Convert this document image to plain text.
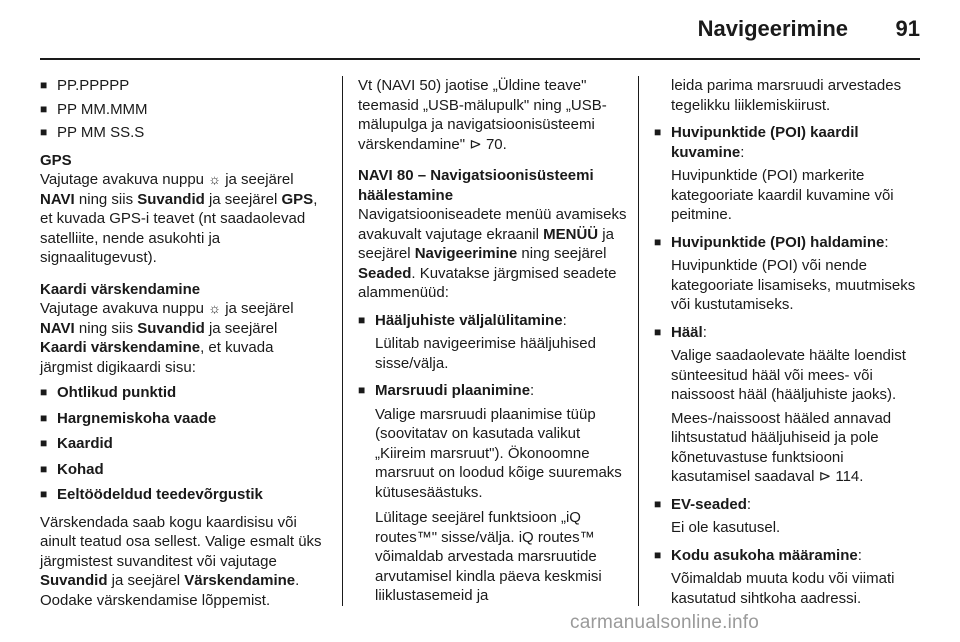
Navigeerimine 91
■ PP.PPPPP
■ PP MM.MMM
■ PP MM SS.S

GPS

Vajutage avakuva nuppu ☼ ja seejärel NAVI ning siis Suvandid ja seejärel GPS, et kuvada GPS-i teavet (nt saadaolevad satelliite, nende asukohti ja signaalitugevust).

Kaardi värskendamine

Vajutage avakuva nuppu ☼ ja seejärel NAVI ning siis Suvandid ja seejärel Kaardi värskendamine, et kuvada järgmist digikaardi sisu:

■ Ohtlikud punktid
■ Hargnemiskoha vaade
■ Kaardid
■ Kohad
■ Eeltöödeldud teedevõrgustik

Värskendada saab kogu kaardisisu või ainult teatud osa sellest. Valige esmalt üks järgmistest suvanditest või vajutage Suvandid ja seejärel Värskendamine. Oodake värskendamise lõppemist.

Vt (NAVI 50) jaotise „Üldine teave" teemasid „USB-mälupulk" ning „USB-mälupulga ja navigatsioonisüsteemi värskendamine" ⊳ 70.

NAVI 80 – Navigatsioonisüsteemi häälestamine

Navigatsiooniseadete menüü avamiseks avakuvalt vajutage ekraanil MENÜÜ ja seejärel Navigeerimine ning seejärel Seaded. Kuvatakse järgmised seadete alammenüüd:

■ Hääljuhiste väljalülitamine:

Lülitab navigeerimise hääljuhised sisse/välja.

■ Marsruudi plaanimine:

Valige marsruudi plaanimise tüüp (soovitatav on kasutada valikut „Kiireim marsruut"). Ökonoomne marsruut on loodud kõige suuremaks kütusesäästuks.

Lülitage seejärel funktsioon „iQ routes™" sisse/välja. iQ routes™ võimaldab arvestada marsruutide arvutamisel kindla päeva keskmisi liiklustasemeid ja

leida parima marsruudi arvestades tegelikku liiklemiskiirust.

■ Huvipunktide (POI) kaardil kuvamine:

Huvipunktide (POI) markerite kategooriate kaardil kuvamine või peitmine.

■ Huvipunktide (POI) haldamine:

Huvipunktide (POI) või nende kategooriate lisamiseks, muutmiseks või kustutamiseks.

■ Hääl:

Valige saadaolevate häälte loendist sünteesitud hääl või mees- või naissoost hääl (hääljuhiste jaoks).

Mees-/naissoost hääled annavad lihtsustatud hääljuhiseid ja pole kõnetuvastuse funktsiooni kasutamisel saadaval ⊳ 114.

■ EV-seaded:

Ei ole kasutusel.

■ Kodu asukoha määramine:

Võimaldab muuta kodu või viimati kasutatud sihtkoha aadressi.

carmanualsonline.info
